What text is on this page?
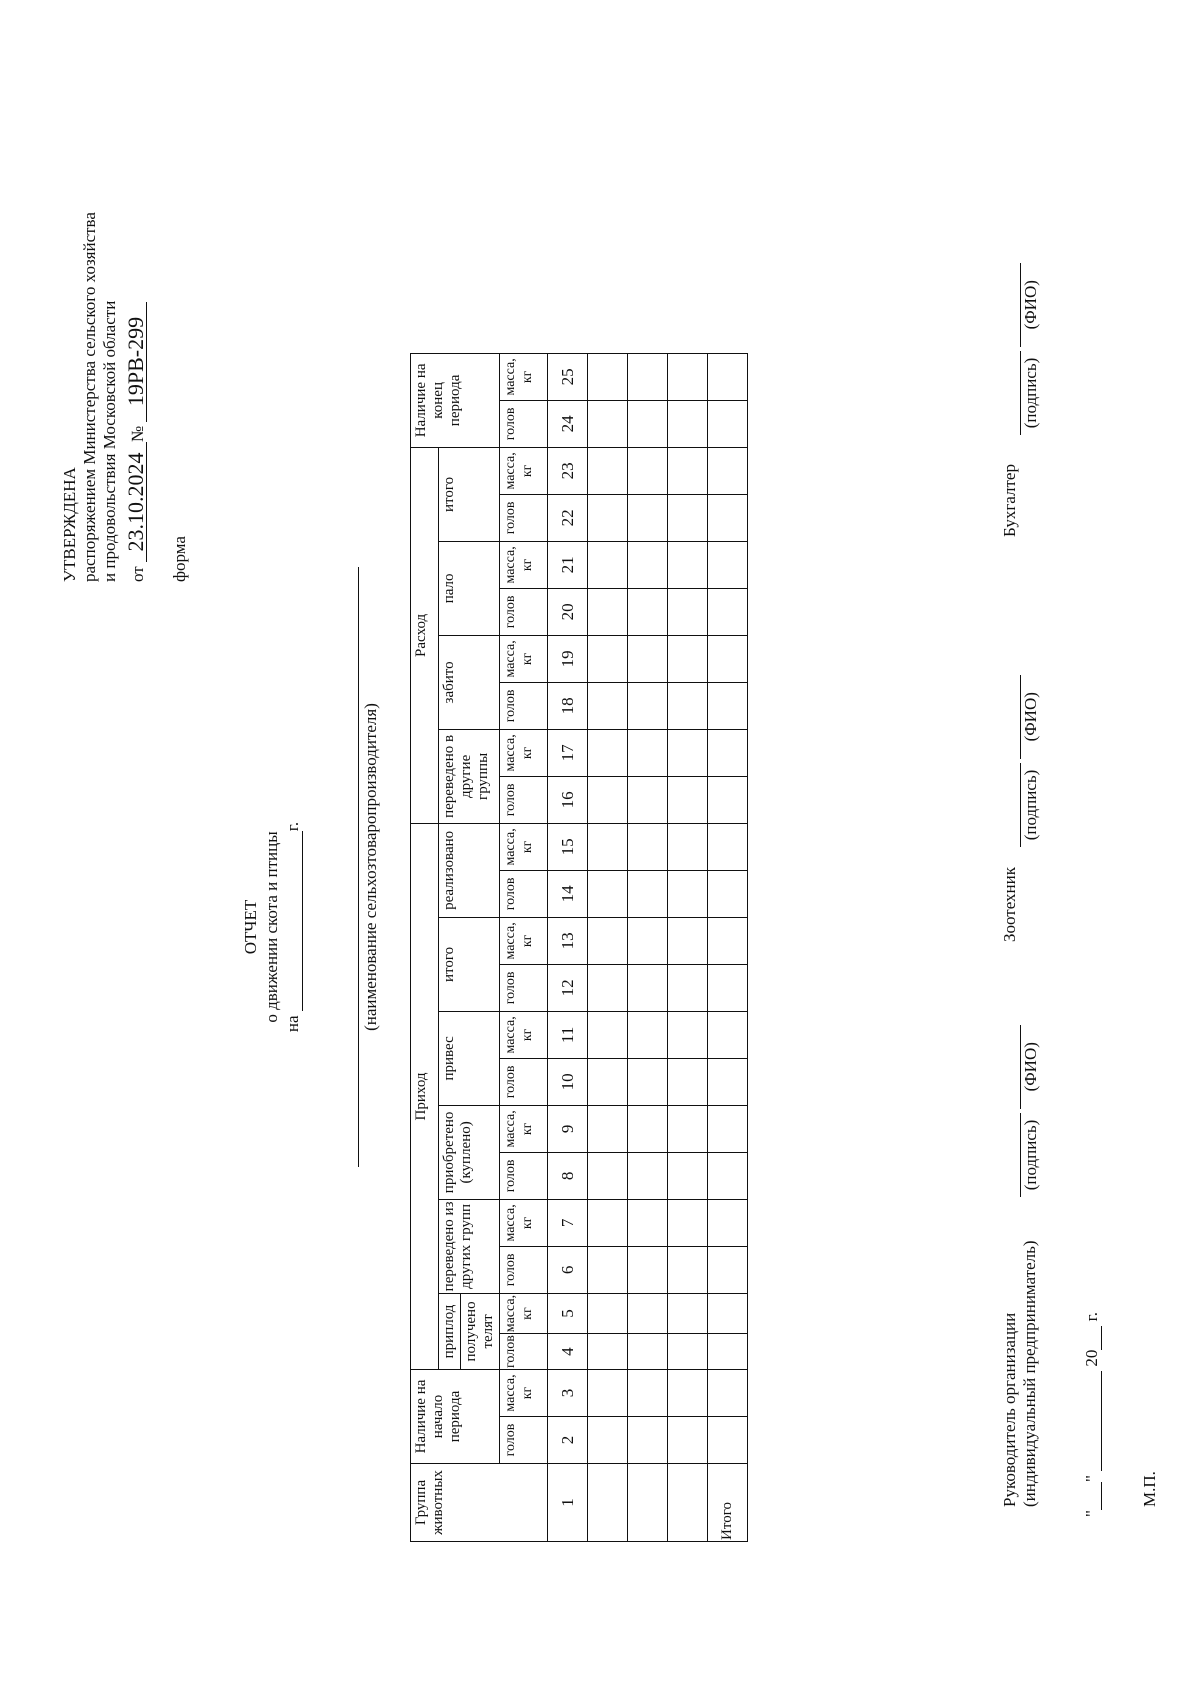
УТВЕРЖДЕНА распоряжением Министерства сельского хозяйства и продовольствия Московской области от 23.10.2024№ 19РВ-299
форма
ОТЧЕТ о движении скота и птицы
на г.	(наименование сельхозтоваропроизводителя)
Группа животных	Наличие на начало периода		Приход												Расход								Наличие на конец периода	
			приплод получено телят		переведено из других групп		приобретено (куплено)		привес		итого		реализовано		переведено в другие группы		забито		пало		итого			
	голов	масса, кг	голов	масса, кг	голов	масса, кг	голов	масса, кг	голов	масса, кг	голов	масса, кг	голов	масса, кг	голов	масса, кг	голов	масса, кг	голов	масса, кг	голов	масса, кг	голов	масса, кг
1	2	3	4	5	6	7	8	9	10	11	12	13	14	15	16	17	18	19	20	21	22	23	24	25

Итого																								
Руководитель организации (индивидуальный предприниматель)
(подпись) (ФИО)
Зоотехник
(подпись) (ФИО)
Бухгалтер
(подпись) (ФИО)
""  20 г.
М.П.
